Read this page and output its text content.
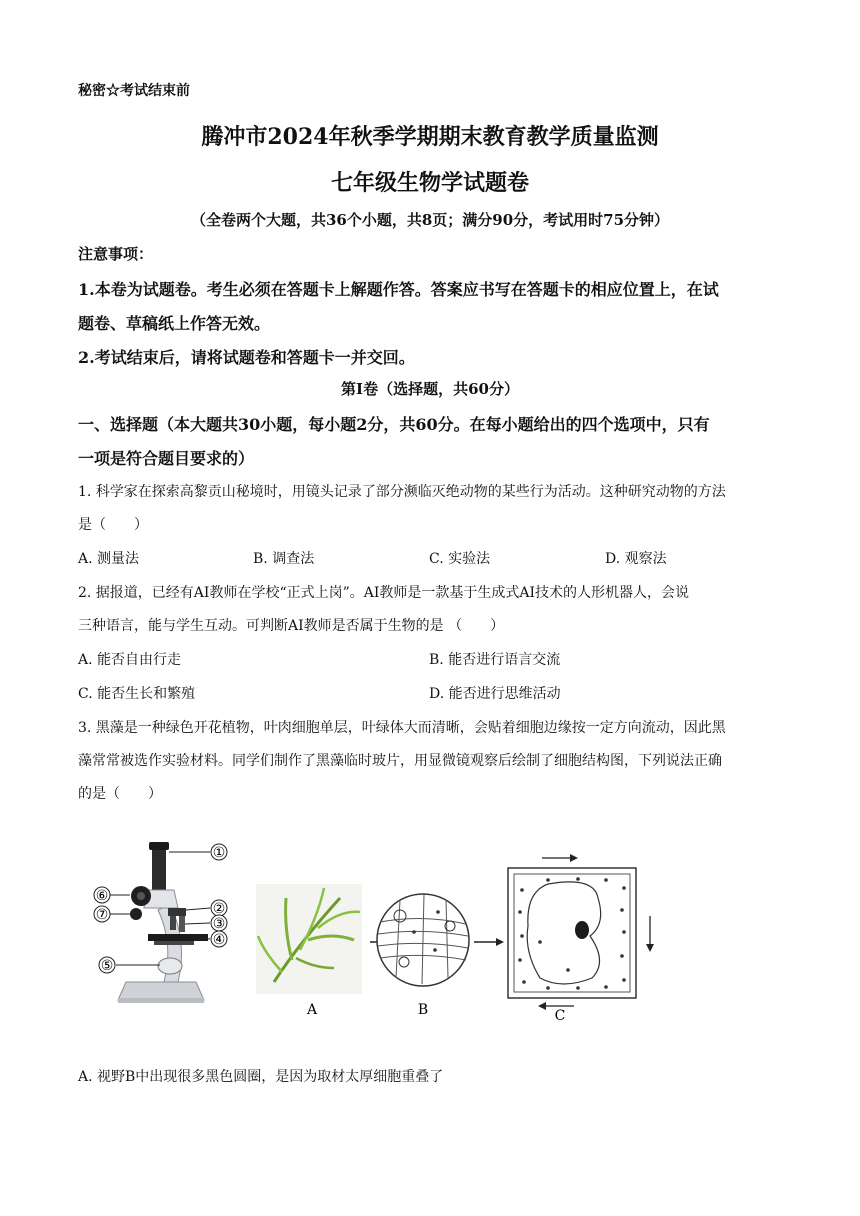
秘密☆考试结束前
腾冲市2024年秋季学期期末教育教学质量监测
七年级生物学试题卷
（全卷两个大题，共36个小题，共8页；满分90分，考试用时75分钟）
注意事项：
1.本卷为试题卷。考生必须在答题卡上解题作答。答案应书写在答题卡的相应位置上，在试
题卷、草稿纸上作答无效。
2.考试结束后，请将试题卷和答题卡一并交回。
第Ⅰ卷（选择题，共60分）
一、选择题（本大题共30小题，每小题2分，共60分。在每小题给出的四个选项中，只有
一项是符合题目要求的）
1. 科学家在探索高黎贡山秘境时，用镜头记录了部分濒临灭绝动物的某些行为活动。这种研究动物的方法
是（　　）
A. 测量法	B. 调查法	C. 实验法	D. 观察法
2. 据报道，已经有AI教师在学校“正式上岗”。AI教师是一款基于生成式AI技术的人形机器人，会说
三种语言，能与学生互动。可判断AI教师是否属于生物的是 （　　）
A. 能否自由行走	B. 能否进行语言交流
C. 能否生长和繁殖	D. 能否进行思维活动
3. 黑藻是一种绿色开花植物，叶肉细胞单层，叶绿体大而清晰，会贴着细胞边缘按一定方向流动，因此黑
藻常常被选作实验材料。同学们制作了黑藻临时玻片，用显微镜观察后绘制了细胞结构图，下列说法正确
的是（　　）
①
②
③
④
⑤
⑥
⑦
A	B	C
A. 视野B中出现很多黑色圆圈，是因为取材太厚细胞重叠了
